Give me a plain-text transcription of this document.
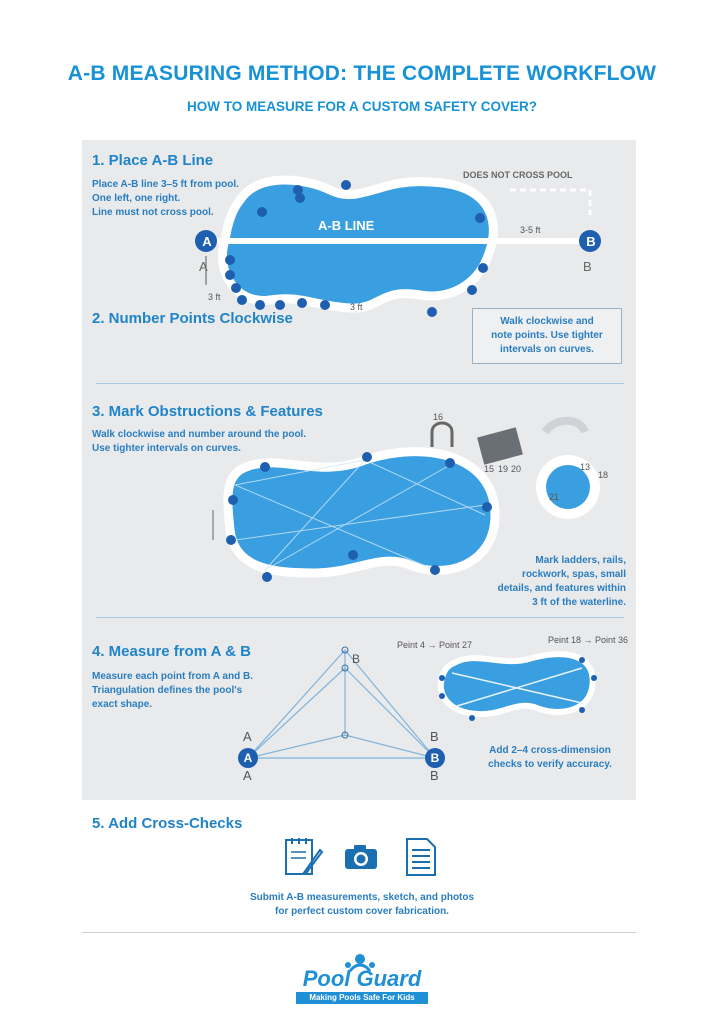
A-B MEASURING METHOD: THE COMPLETE WORKFLOW
HOW TO MEASURE FOR A CUSTOM SAFETY COVER?
1. Place A-B Line
Place A-B line 3–5 ft from pool.
One left, one right.
Line must not cross pool.
DOES NOT CROSS POOL
A-B LINE	3-5 ft
A	B
A	B
3 ft
3 ft
2. Number Points Clockwise	Walk clockwise and
note points. Use tighter
intervals on curves.
3. Mark Obstructions & Features
Walk clockwise and number around the pool.
Use tighter intervals on curves.
16
15 19 20	13
18
21
Mark ladders, rails,
rockwork, spas, small
details, and features within
3 ft of the waterline.
4. Measure from A & B
Measure each point from A and B.
Triangulation defines the pool's
exact shape.
A
A
A
B
B
B
B
Peint 4 → Point 27	Peint 18 → Point 36
Add 2–4 cross-dimension
checks to verify accuracy.
5. Add Cross-Checks
Submit A-B measurements, sketch, and photos
for perfect custom cover fabrication.
Pool Guard
Making Pools Safe For Kids
